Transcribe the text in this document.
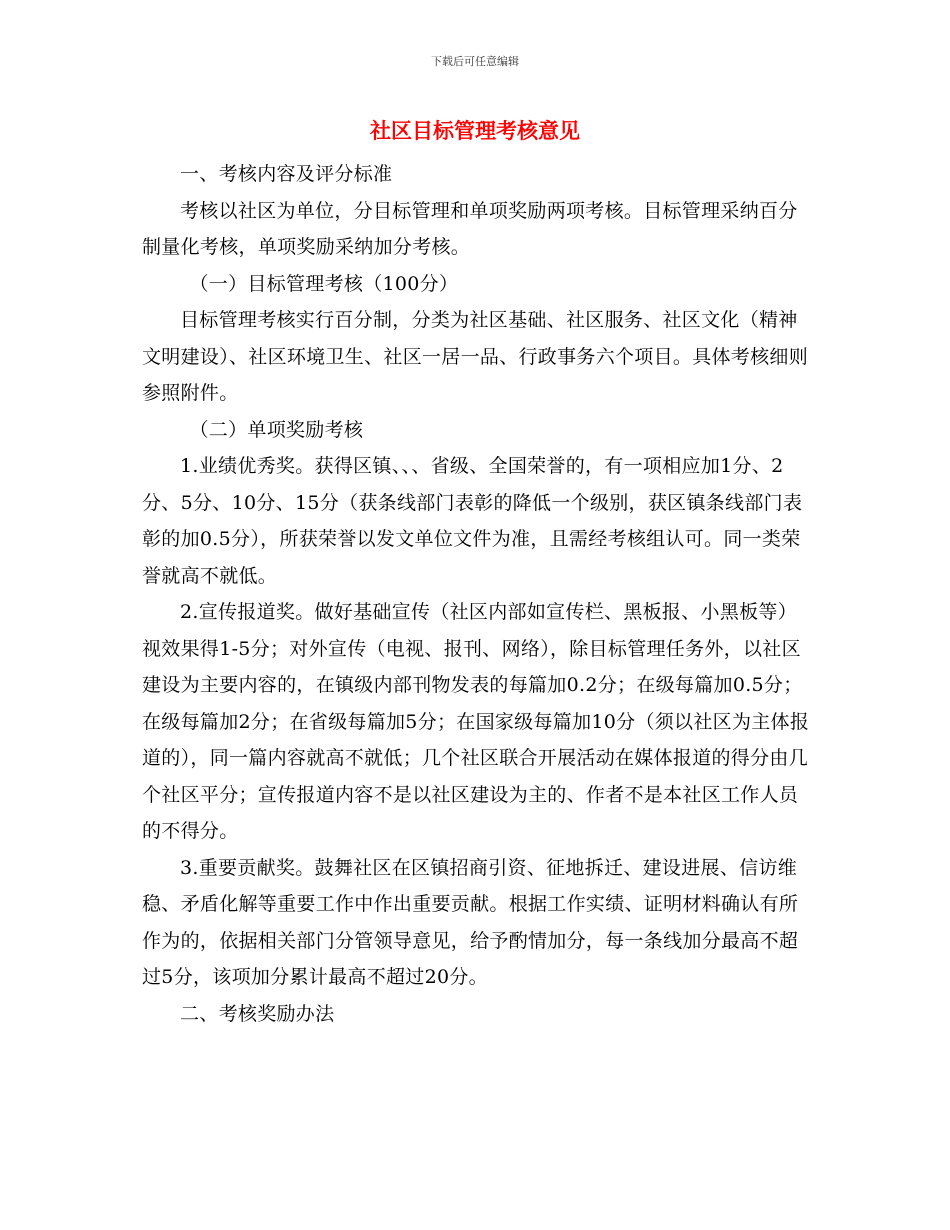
下载后可任意编辑
社区目标管理考核意见

一、考核内容及评分标准

考核以社区为单位，分目标管理和单项奖励两项考核。目标管理采纳百分制量化考核，单项奖励采纳加分考核。

（一）目标管理考核（100分）

目标管理考核实行百分制，分类为社区基础、社区服务、社区文化（精神文明建设）、社区环境卫生、社区一居一品、行政事务六个项目。具体考核细则参照附件。

（二）单项奖励考核

1.业绩优秀奖。获得区镇、、、省级、全国荣誉的，有一项相应加1分、2分、5分、10分、15分（获条线部门表彰的降低一个级别，获区镇条线部门表彰的加0.5分），所获荣誉以发文单位文件为准，且需经考核组认可。同一类荣誉就高不就低。

2.宣传报道奖。做好基础宣传（社区内部如宣传栏、黑板报、小黑板等）视效果得1-5分；对外宣传（电视、报刊、网络），除目标管理任务外，以社区建设为主要内容的，在镇级内部刊物发表的每篇加0.2分；在级每篇加0.5分；在级每篇加2分；在省级每篇加5分；在国家级每篇加10分（须以社区为主体报道的），同一篇内容就高不就低；几个社区联合开展活动在媒体报道的得分由几个社区平分；宣传报道内容不是以社区建设为主的、作者不是本社区工作人员的不得分。

3.重要贡献奖。鼓舞社区在区镇招商引资、征地拆迁、建设进展、信访维稳、矛盾化解等重要工作中作出重要贡献。根据工作实绩、证明材料确认有所作为的，依据相关部门分管领导意见，给予酌情加分，每一条线加分最高不超过5分，该项加分累计最高不超过20分。

二、考核奖励办法
